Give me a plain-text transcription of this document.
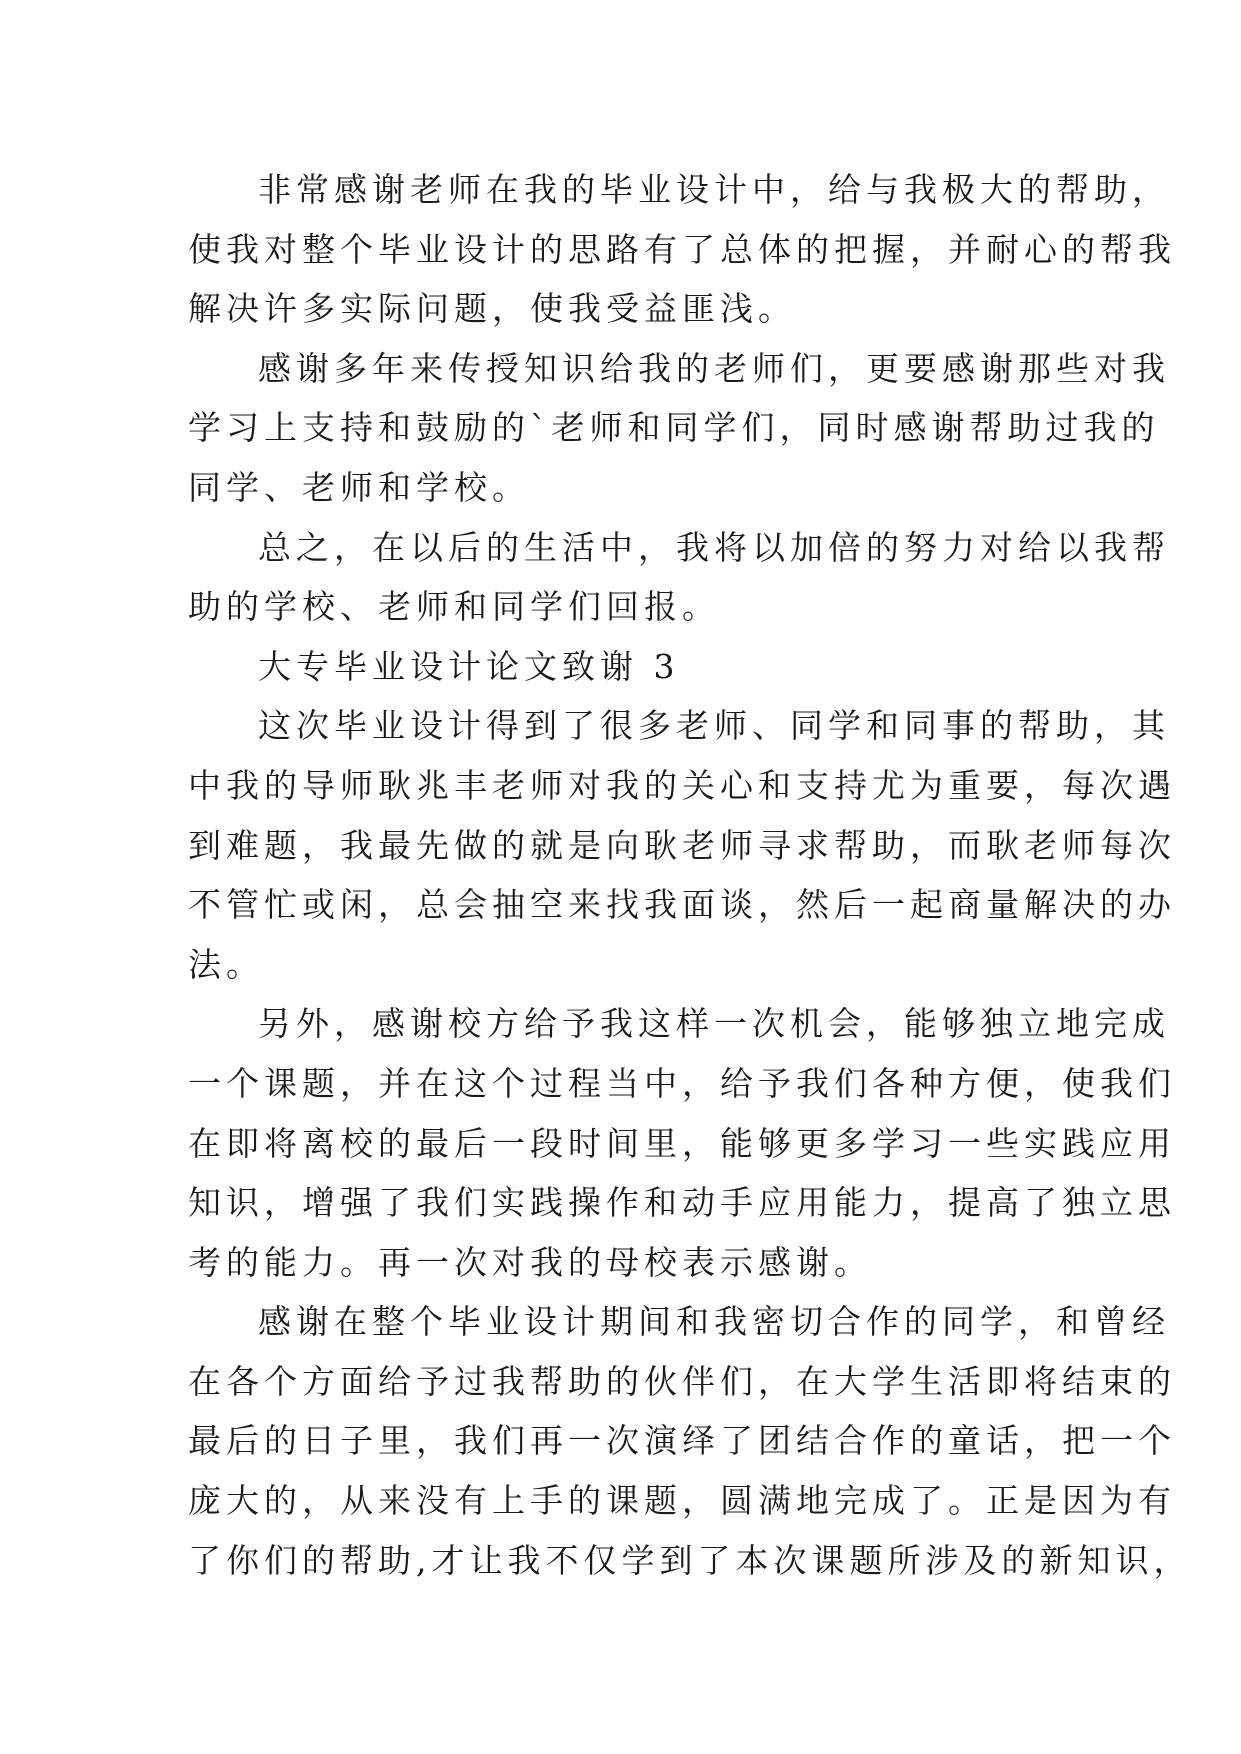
非常感谢老师在我的毕业设计中，给与我极大的帮助，
使我对整个毕业设计的思路有了总体的把握，并耐心的帮我
解决许多实际问题，使我受益匪浅。
感谢多年来传授知识给我的老师们，更要感谢那些对我
学习上支持和鼓励的`老师和同学们，同时感谢帮助过我的
同学、老师和学校。
总之，在以后的生活中，我将以加倍的努力对给以我帮
助的学校、老师和同学们回报。
大专毕业设计论文致谢 3
这次毕业设计得到了很多老师、同学和同事的帮助，其
中我的导师耿兆丰老师对我的关心和支持尤为重要，每次遇
到难题，我最先做的就是向耿老师寻求帮助，而耿老师每次
不管忙或闲，总会抽空来找我面谈，然后一起商量解决的办
法。
另外，感谢校方给予我这样一次机会，能够独立地完成
一个课题，并在这个过程当中，给予我们各种方便，使我们
在即将离校的最后一段时间里，能够更多学习一些实践应用
知识，增强了我们实践操作和动手应用能力，提高了独立思
考的能力。再一次对我的母校表示感谢。
感谢在整个毕业设计期间和我密切合作的同学，和曾经
在各个方面给予过我帮助的伙伴们，在大学生活即将结束的
最后的日子里，我们再一次演绎了团结合作的童话，把一个
庞大的，从来没有上手的课题，圆满地完成了。正是因为有
了你们的帮助,才让我不仅学到了本次课题所涉及的新知识，
